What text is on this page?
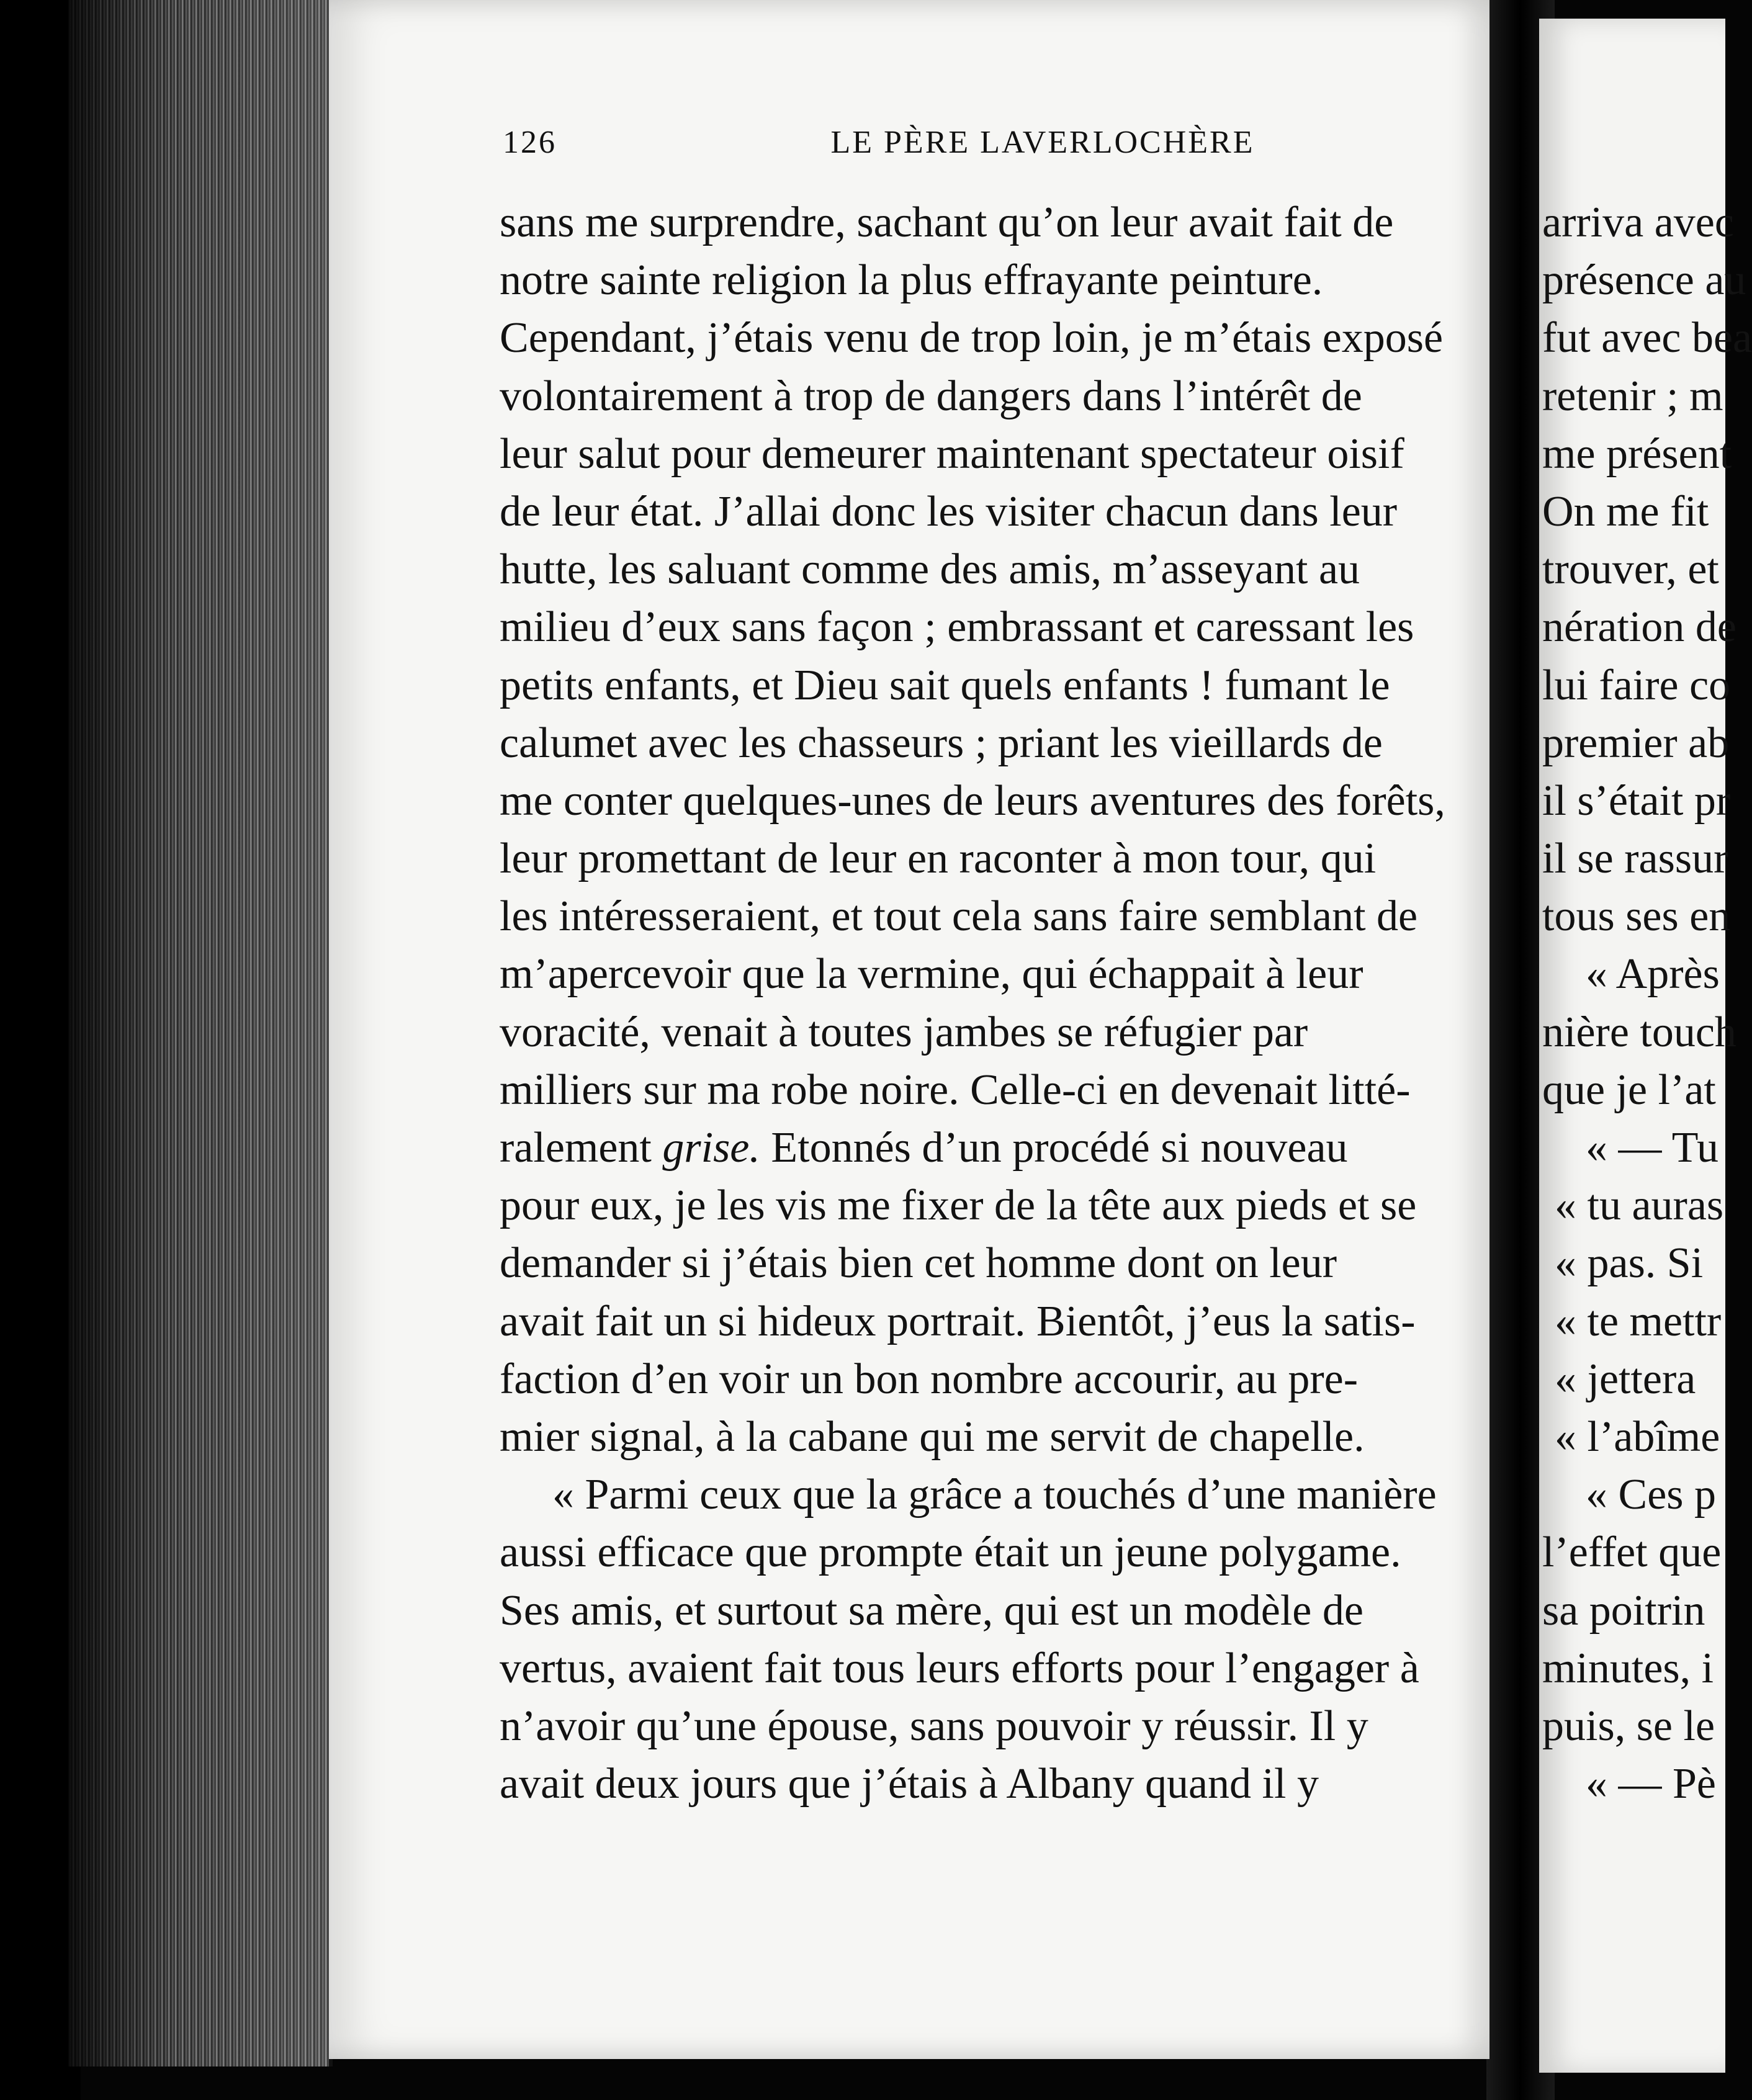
126	LE PÈRE LAVERLOCHÈRE
sans me surprendre, sachant qu’on leur avait fait de
notre sainte religion la plus effrayante peinture.
Cependant, j’étais venu de trop loin, je m’étais exposé
volontairement à trop de dangers dans l’intérêt de
leur salut pour demeurer maintenant spectateur oisif
de leur état. J’allai donc les visiter chacun dans leur
hutte, les saluant comme des amis, m’asseyant au
milieu d’eux sans façon ; embrassant et caressant les
petits enfants, et Dieu sait quels enfants ! fumant le
calumet avec les chasseurs ; priant les vieillards de
me conter quelques-unes de leurs aventures des forêts,
leur promettant de leur en raconter à mon tour, qui
les intéresseraient, et tout cela sans faire semblant de
m’apercevoir que la vermine, qui échappait à leur
voracité, venait à toutes jambes se réfugier par
milliers sur ma robe noire. Celle-ci en devenait litté-
ralement grise. Etonnés d’un procédé si nouveau
pour eux, je les vis me fixer de la tête aux pieds et se
demander si j’étais bien cet homme dont on leur
avait fait un si hideux portrait. Bientôt, j’eus la satis-
faction d’en voir un bon nombre accourir, au pre-
mier signal, à la cabane qui me servit de chapelle.
« Parmi ceux que la grâce a touchés d’une manière
aussi efficace que prompte était un jeune polygame.
Ses amis, et surtout sa mère, qui est un modèle de
vertus, avaient fait tous leurs efforts pour l’engager à
n’avoir qu’une épouse, sans pouvoir y réussir. Il y
avait deux jours que j’étais à Albany quand il y
arriva avec
présence au
fut avec bea
retenir ; m
me présent
On me fit
trouver, et
nération de
lui faire co
premier ab
il s’était pr
il se rassur
tous ses en
« Après
nière touch
que je l’at
« — Tu
« tu auras
« pas. Si
« te mettr
« jettera
« l’abîme
« Ces p
l’effet que
sa poitrin
minutes, i
puis, se le
« — Pè
